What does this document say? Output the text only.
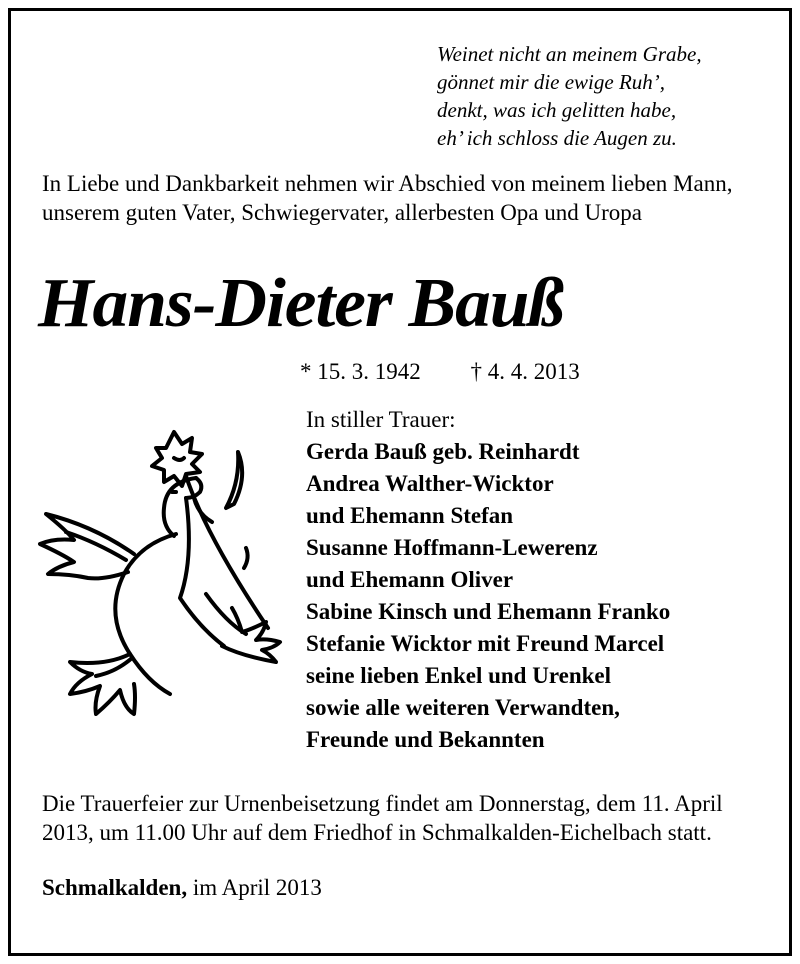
Weinet nicht an meinem Grabe,
gönnet mir die ewige Ruh’,
denkt, was ich gelitten habe,
eh’ ich schloss die Augen zu.
In Liebe und Dankbarkeit nehmen wir Abschied von meinem lieben Mann, unserem guten Vater, Schwiegervater, allerbesten Opa und Uropa
Hans-Dieter Bauß
* 15. 3. 1942 † 4. 4. 2013
In stiller Trauer:
Gerda Bauß geb. Reinhardt
Andrea Walther-Wicktor
und Ehemann Stefan
Susanne Hoffmann-Lewerenz
und Ehemann Oliver
Sabine Kinsch und Ehemann Franko
Stefanie Wicktor mit Freund Marcel
seine lieben Enkel und Urenkel
sowie alle weiteren Verwandten,
Freunde und Bekannten
Die Trauerfeier zur Urnenbeisetzung findet am Donnerstag, dem 11. April 2013, um 11.00 Uhr auf dem Friedhof in Schmalkalden-Eichelbach statt.
Schmalkalden, im April 2013
